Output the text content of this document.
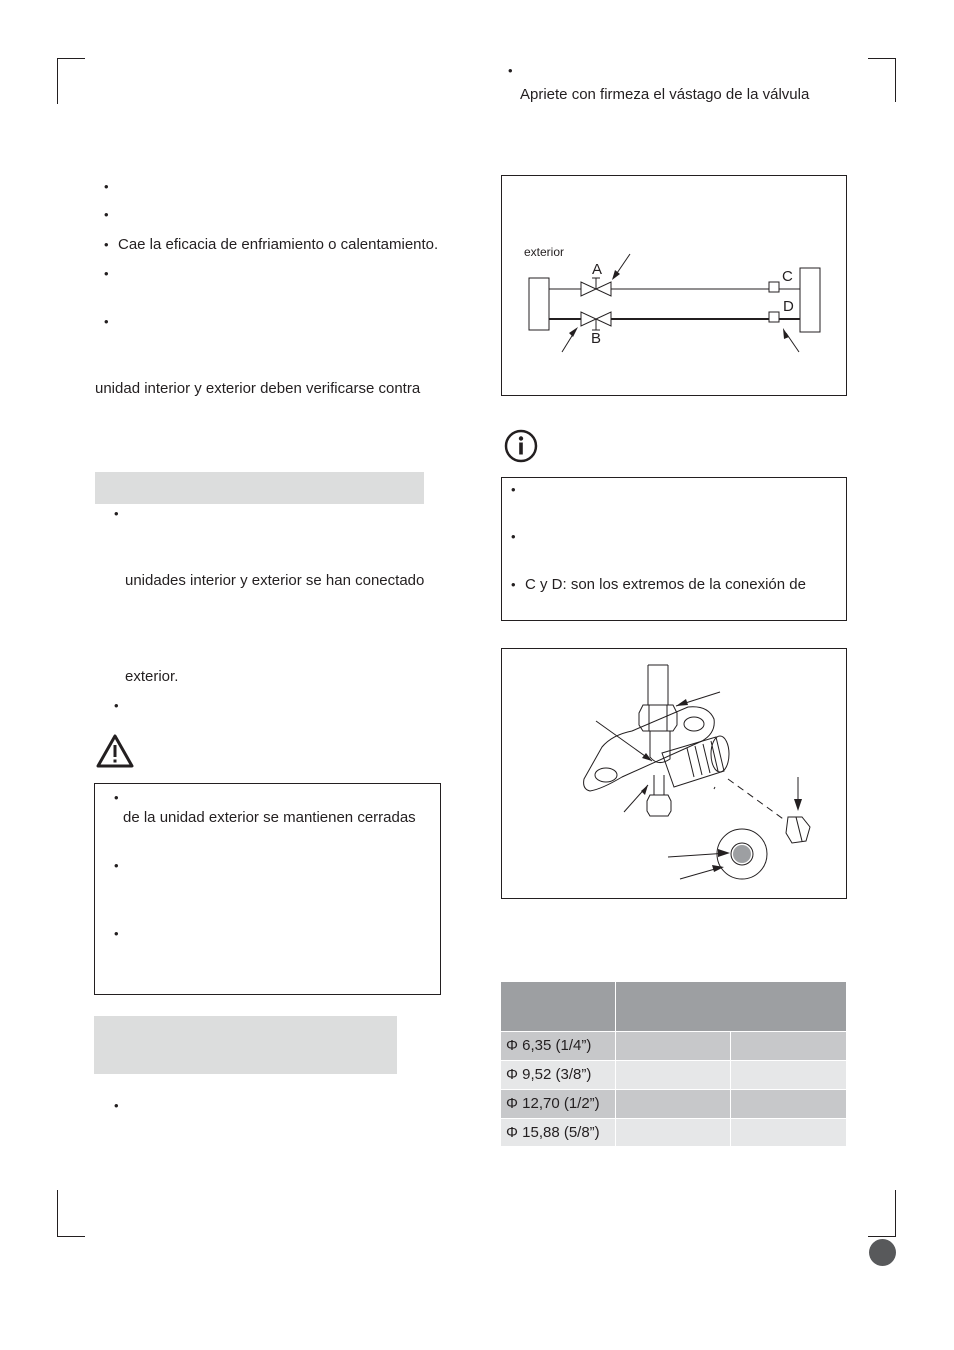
•
•
• Cae la eficacia de enfriamiento o calentamiento.
•
•
unidad interior y exterior deben verificarse contra
•
unidades interior y exterior se han conectado
exterior.
•
•
de la unidad exterior se mantienen cerradas
•
•
•
•
Apriete con firmeza el vástago de la válvula
exterior
A
B
C
D
•
•
• C y D: son los extremos de la conexión de
Φ 6,35 (1/4”)
Φ 9,52 (3/8”)
Φ 12,70 (1/2”)
Φ 15,88 (5/8”)
